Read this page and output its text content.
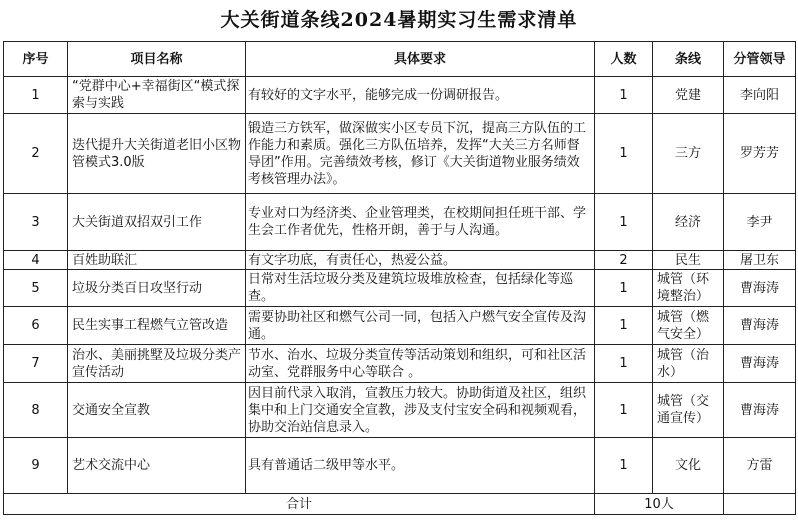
大关街道条线2024暑期实习生需求清单
序号	项目名称	具体要求	人数	条线	分管领导
1	“党群中心+幸福街区“模式探索与实践	有较好的文字水平，能够完成一份调研报告。	1	党建	李向阳
2	迭代提升大关街道老旧小区物管模式3.0版	锻造三方铁军，做深做实小区专员下沉，提高三方队伍的工作能力和素质。强化三方队伍培养，发挥“大关三方名师督导团”作用。完善绩效考核，修订《大关街道物业服务绩效考核管理办法》。	1	三方	罗芳芳
3	大关街道双招双引工作	专业对口为经济类、企业管理类，在校期间担任班干部、学生会工作者优先，性格开朗，善于与人沟通。	1	经济	李尹
4	百姓助联汇	有文字功底，有责任心，热爱公益。	2	民生	屠卫东
5	垃圾分类百日攻坚行动	日常对生活垃圾分类及建筑垃圾堆放检查，包括绿化等巡查。	1	城管（环境整治）	曹海涛
6	民生实事工程燃气立管改造	需要协助社区和燃气公司一同，包括入户燃气安全宣传及沟通。	1	城管（燃气安全）	曹海涛
7	治水、美丽挑墅及垃圾分类产宣传活动	节水、治水、垃圾分类宣传等活动策划和组织，可和社区活动室、党群服务中心等联合 。	1	城管（治水）	曹海涛
8	交通安全宣教	因目前代录入取消，宣教压力较大。协助街道及社区，组织集中和上门交通安全宣教，涉及支付宝安全码和视频观看，协助交治站信息录入。	1	城管（交通宣传）	曹海涛
9	艺术交流中心	具有普通话二级甲等水平。	1	文化	方雷
合计			10人		
